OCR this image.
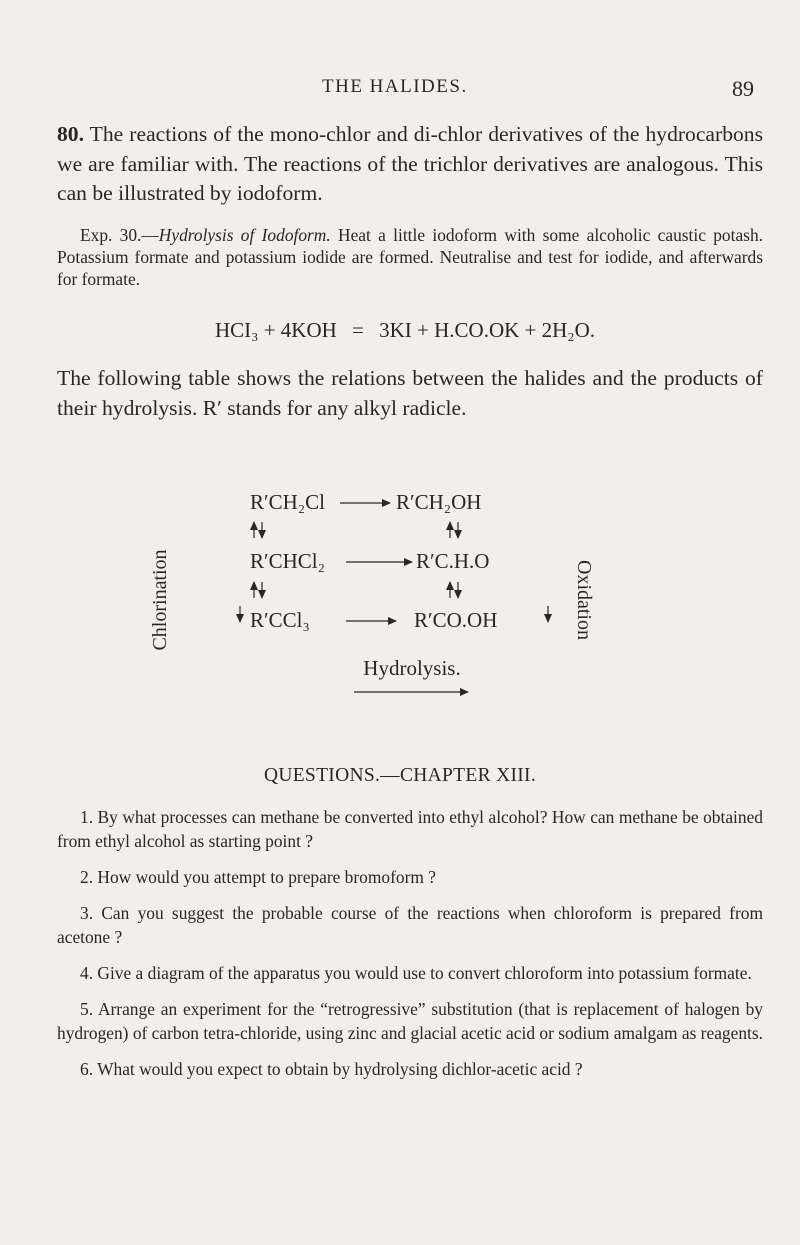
THE HALIDES.	89
80. The reactions of the mono-chlor and di-chlor derivatives of the hydrocarbons we are familiar with. The reactions of the trichlor derivatives are analogous. This can be illustrated by iodoform.
Exp. 30.—Hydrolysis of Iodoform. Heat a little iodoform with some alcoholic caustic potash. Potassium formate and potassium iodide are formed. Neutralise and test for iodide, and afterwards for formate.
HCI₃ + 4KOH = 3KI + H.CO.OK + 2H₂O.
The following table shows the relations between the halides and the products of their hydrolysis. R′ stands for any alkyl radicle.
Chlorination	Oxidation
R′CH₂Cl	R′CH₂OH
R′CHCl₂	R′C.H.O
R′CCl₃	R′CO.OH
Hydrolysis.
QUESTIONS.—CHAPTER XIII.
1. By what processes can methane be converted into ethyl alcohol? How can methane be obtained from ethyl alcohol as starting point ?
2. How would you attempt to prepare bromoform ?
3. Can you suggest the probable course of the reactions when chloroform is prepared from acetone ?
4. Give a diagram of the apparatus you would use to convert chloroform into potassium formate.
5. Arrange an experiment for the “retrogressive” substitution (that is replacement of halogen by hydrogen) of carbon tetra-chloride, using zinc and glacial acetic acid or sodium amalgam as reagents.
6. What would you expect to obtain by hydrolysing dichlor-acetic acid ?
